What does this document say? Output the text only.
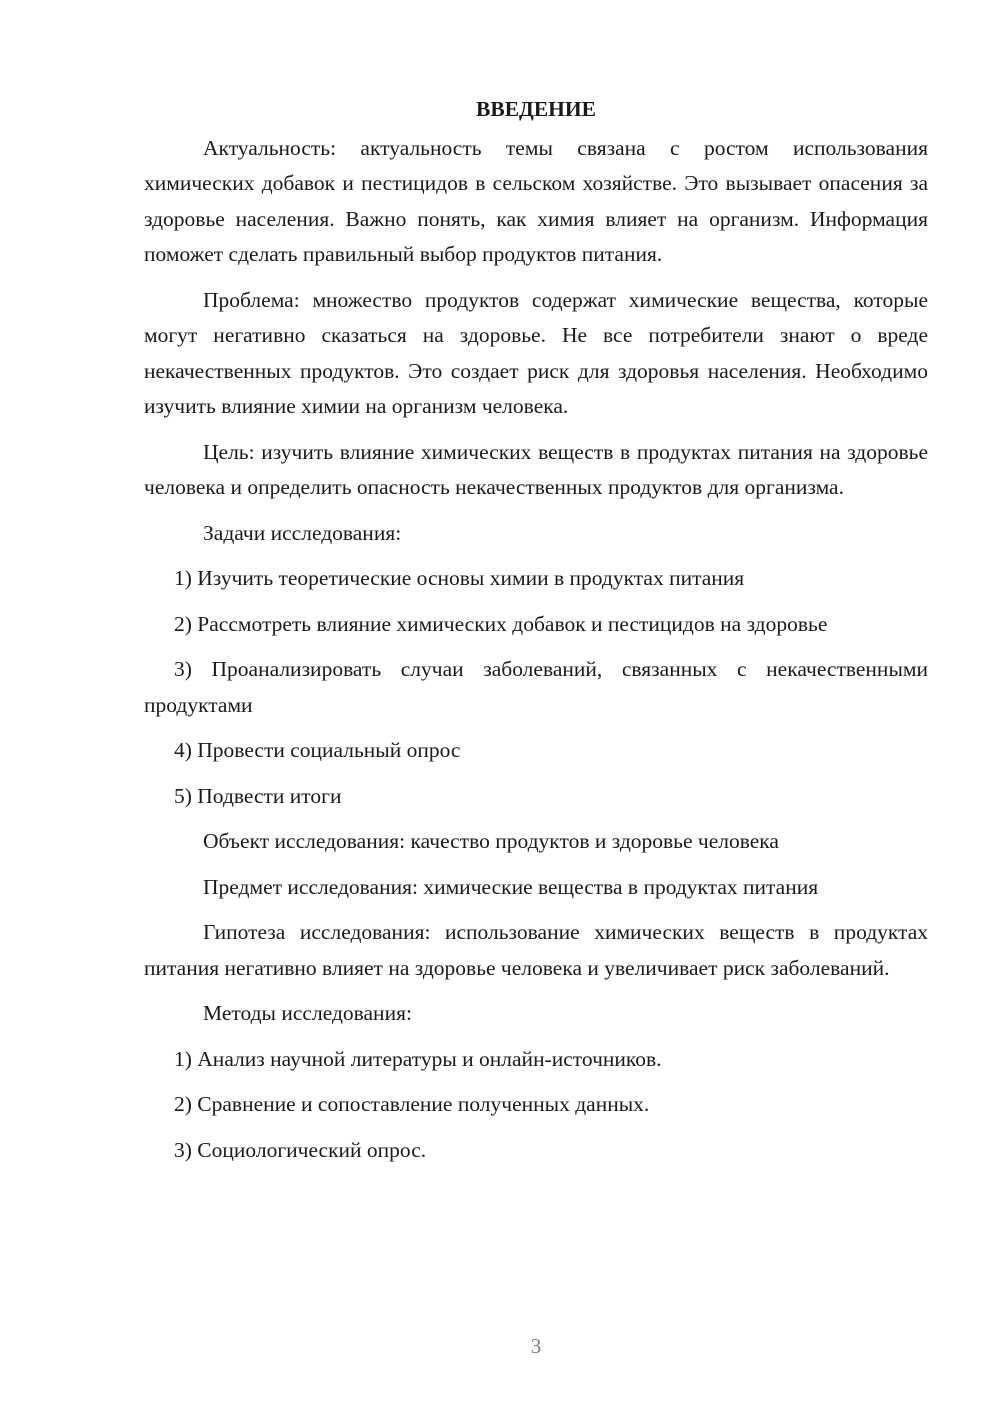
ВВЕДЕНИЕ

Актуальность: актуальность темы связана с ростом использования химических добавок и пестицидов в сельском хозяйстве. Это вызывает опасения за здоровье населения. Важно понять, как химия влияет на организм. Информация поможет сделать правильный выбор продуктов питания.

Проблема: множество продуктов содержат химические вещества, которые могут негативно сказаться на здоровье. Не все потребители знают о вреде некачественных продуктов. Это создает риск для здоровья населения. Необходимо изучить влияние химии на организм человека.

Цель: изучить влияние химических веществ в продуктах питания на здоровье человека и определить опасность некачественных продуктов для организма.

Задачи исследования:

1) Изучить теоретические основы химии в продуктах питания

2) Рассмотреть влияние химических добавок и пестицидов на здоровье

3) Проанализировать случаи заболеваний, связанных с некачественными продуктами

4) Провести социальный опрос

5) Подвести итоги

Объект исследования: качество продуктов и здоровье человека

Предмет исследования: химические вещества в продуктах питания

Гипотеза исследования: использование химических веществ в продуктах питания негативно влияет на здоровье человека и увеличивает риск заболеваний.

Методы исследования:

1) Анализ научной литературы и онлайн-источников.

2) Сравнение и сопоставление полученных данных.

3) Социологический опрос.

3
